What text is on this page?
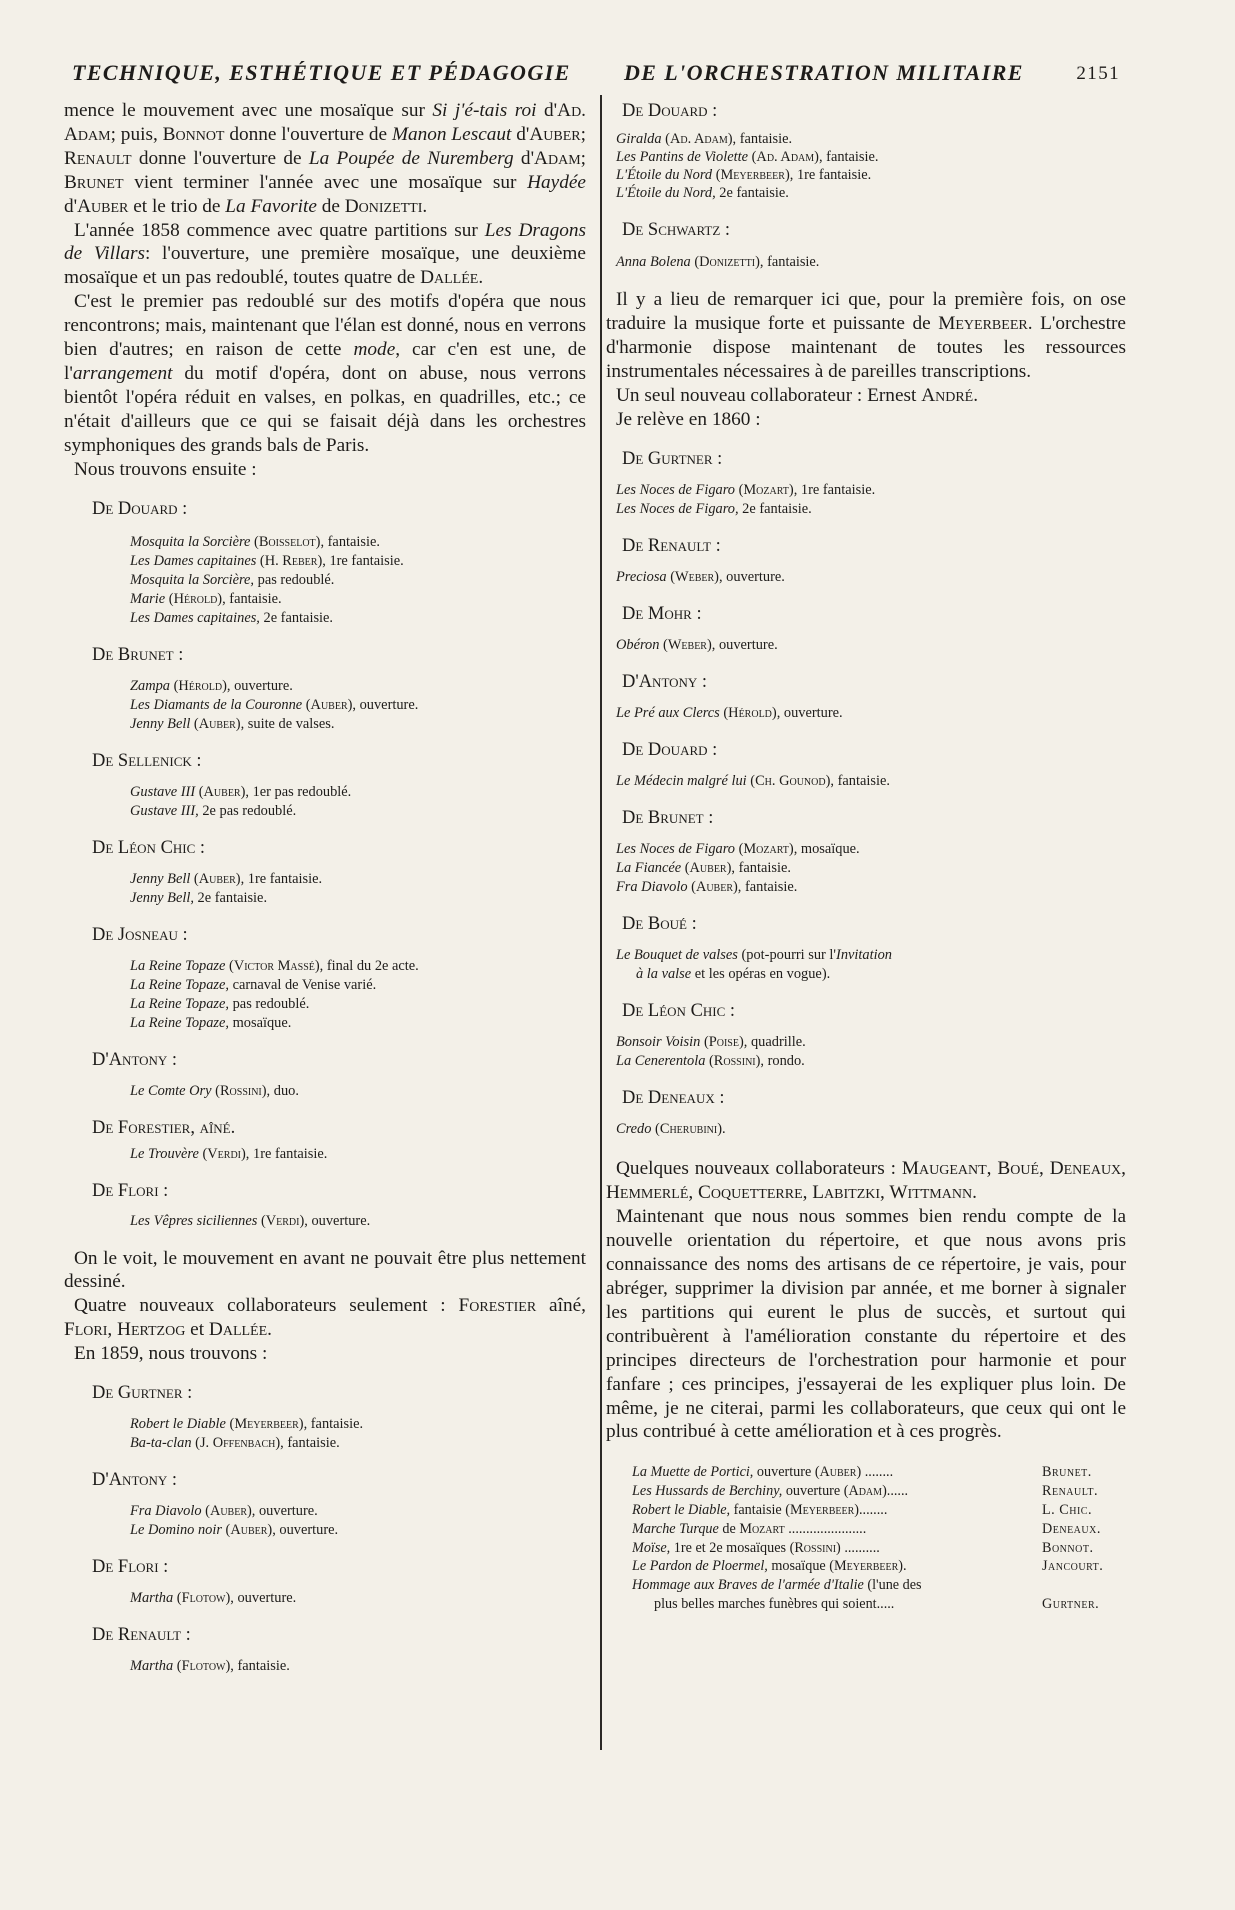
TECHNIQUE, ESTHÉTIQUE ET PÉDAGOGIE DE L'ORCHESTRATION MILITAIRE	2151

mence le mouvement avec une mosaïque sur Si j'é-tais roi d'Ad. Adam; puis, Bonnot donne l'ouverture de Manon Lescaut d'Auber; Renault donne l'ouverture de La Poupée de Nuremberg d'Adam; Brunet vient terminer l'année avec une mosaïque sur Haydée d'Auber et le trio de La Favorite de Donizetti.

L'année 1858 commence avec quatre partitions sur Les Dragons de Villars: l'ouverture, une première mosaïque, une deuxième mosaïque et un pas redoublé, toutes quatre de Dallée.

C'est le premier pas redoublé sur des motifs d'opéra que nous rencontrons; mais, maintenant que l'élan est donné, nous en verrons bien d'autres; en raison de cette mode, car c'en est une, de l'arrangement du motif d'opéra, dont on abuse, nous verrons bientôt l'opéra réduit en valses, en polkas, en quadrilles, etc.; ce n'était d'ailleurs que ce qui se faisait déjà dans les orchestres symphoniques des grands bals de Paris.

Nous trouvons ensuite :

De Douard :

Mosquita la Sorcière (Boisselot), fantaisie.
Les Dames capitaines (H. Reber), 1re fantaisie.
Mosquita la Sorcière, pas redoublé.
Marie (Hérold), fantaisie.
Les Dames capitaines, 2e fantaisie.

De Brunet :

Zampa (Hérold), ouverture.
Les Diamants de la Couronne (Auber), ouverture.
Jenny Bell (Auber), suite de valses.

De Sellenick :

Gustave III (Auber), 1er pas redoublé.
Gustave III, 2e pas redoublé.

De Léon Chic :

Jenny Bell (Auber), 1re fantaisie.
Jenny Bell, 2e fantaisie.

De Josneau :

La Reine Topaze (Victor Massé), final du 2e acte.
La Reine Topaze, carnaval de Venise varié.
La Reine Topaze, pas redoublé.
La Reine Topaze, mosaïque.

D'Antony :

Le Comte Ory (Rossini), duo.

De Forestier, aîné.

Le Trouvère (Verdi), 1re fantaisie.

De Flori :

Les Vêpres siciliennes (Verdi), ouverture.

On le voit, le mouvement en avant ne pouvait être plus nettement dessiné.

Quatre nouveaux collaborateurs seulement : Forestier aîné, Flori, Hertzog et Dallée.

En 1859, nous trouvons :

De Gurtner :

Robert le Diable (Meyerbeer), fantaisie.
Ba-ta-clan (J. Offenbach), fantaisie.

D'Antony :

Fra Diavolo (Auber), ouverture.
Le Domino noir (Auber), ouverture.

De Flori :

Martha (Flotow), ouverture.

De Renault :

Martha (Flotow), fantaisie.

De Douard :

Giralda (Ad. Adam), fantaisie.
Les Pantins de Violette (Ad. Adam), fantaisie.
L'Étoile du Nord (Meyerbeer), 1re fantaisie.
L'Étoile du Nord, 2e fantaisie.

De Schwartz :

Anna Bolena (Donizetti), fantaisie.

Il y a lieu de remarquer ici que, pour la première fois, on ose traduire la musique forte et puissante de Meyerbeer. L'orchestre d'harmonie dispose maintenant de toutes les ressources instrumentales nécessaires à de pareilles transcriptions.

Un seul nouveau collaborateur : Ernest André.

Je relève en 1860 :

De Gurtner :

Les Noces de Figaro (Mozart), 1re fantaisie.
Les Noces de Figaro, 2e fantaisie.

De Renault :

Preciosa (Weber), ouverture.

De Mohr :

Obéron (Weber), ouverture.

D'Antony :

Le Pré aux Clercs (Hérold), ouverture.

De Douard :

Le Médecin malgré lui (Ch. Gounod), fantaisie.

De Brunet :

Les Noces de Figaro (Mozart), mosaïque.
La Fiancée (Auber), fantaisie.
Fra Diavolo (Auber), fantaisie.

De Boué :

Le Bouquet de valses (pot-pourri sur l'Invitation
à la valse et les opéras en vogue).

De Léon Chic :

Bonsoir Voisin (Poise), quadrille.
La Cenerentola (Rossini), rondo.

De Deneaux :

Credo (Cherubini).

Quelques nouveaux collaborateurs : Maugeant, Boué, Deneaux, Hemmerlé, Coquetterre, Labitzki, Wittmann.

Maintenant que nous nous sommes bien rendu compte de la nouvelle orientation du répertoire, et que nous avons pris connaissance des noms des artisans de ce répertoire, je vais, pour abréger, supprimer la division par année, et me borner à signaler les partitions qui eurent le plus de succès, et surtout qui contribuèrent à l'amélioration constante du répertoire et des principes directeurs de l'orchestration pour harmonie et pour fanfare ; ces principes, j'essayerai de les expliquer plus loin. De même, je ne citerai, parmi les collaborateurs, que ceux qui ont le plus contribué à cette amélioration et à ces progrès.

La Muette de Portici, ouverture (Auber) ........	Brunet.
Les Hussards de Berchiny, ouverture (Adam)......	Renault.
Robert le Diable, fantaisie (Meyerbeer)........	L. Chic.
Marche Turque de Mozart ......................	Deneaux.
Moïse, 1re et 2e mosaïques (Rossini) ..........	Bonnot.
Le Pardon de Ploermel, mosaïque (Meyerbeer).	Jancourt.
Hommage aux Braves de l'armée d'Italie (l'une des
plus belles marches funèbres qui soient.....	Gurtner.
